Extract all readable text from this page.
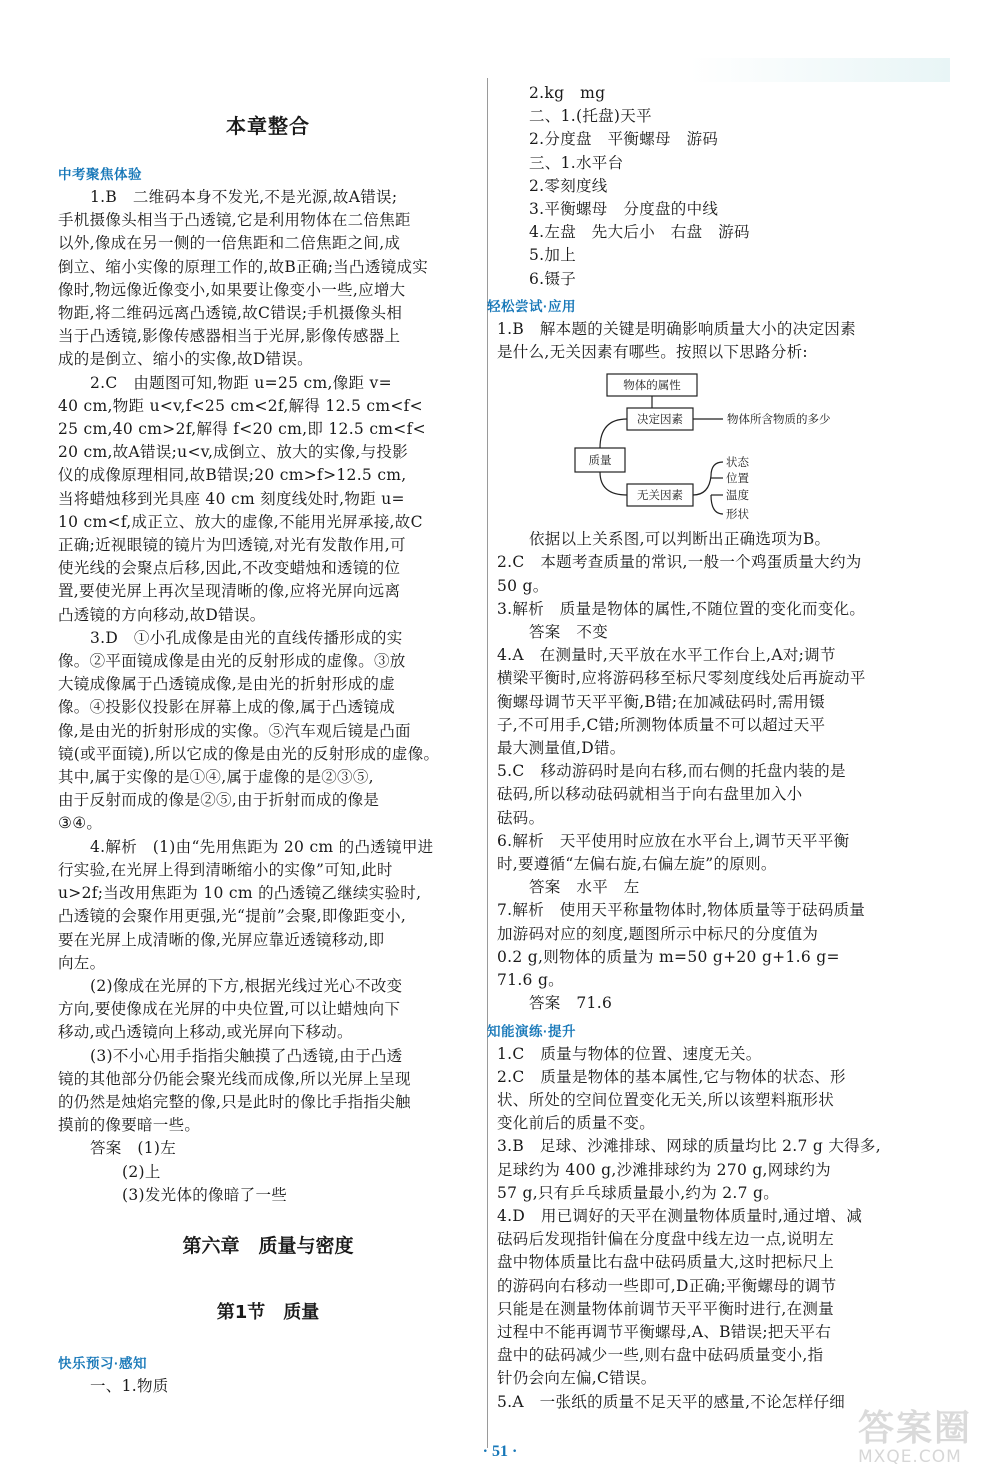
本章整合
中考聚焦体验

1.B　二维码本身不发光,不是光源,故A错误;

手机摄像头相当于凸透镜,它是利用物体在二倍焦距

以外,像成在另一侧的一倍焦距和二倍焦距之间,成

倒立、缩小实像的原理工作的,故B正确;当凸透镜成实

像时,物远像近像变小,如果要让像变小一些,应增大

物距,将二维码远离凸透镜,故C错误;手机摄像头相

当于凸透镜,影像传感器相当于光屏,影像传感器上

成的是倒立、缩小的实像,故D错误。

2.C　由题图可知,物距 u=25 cm,像距 v=

40 cm,物距 u<v,f<25 cm<2f,解得 12.5 cm<f<

25 cm,40 cm>2f,解得 f<20 cm,即 12.5 cm<f<

20 cm,故A错误;u<v,成倒立、放大的实像,与投影

仪的成像原理相同,故B错误;20 cm>f>12.5 cm,

当将蜡烛移到光具座 40 cm 刻度线处时,物距 u=

10 cm<f,成正立、放大的虚像,不能用光屏承接,故C

正确;近视眼镜的镜片为凹透镜,对光有发散作用,可

使光线的会聚点后移,因此,不改变蜡烛和透镜的位

置,要使光屏上再次呈现清晰的像,应将光屏向远离

凸透镜的方向移动,故D错误。

3.D　①小孔成像是由光的直线传播形成的实

像。②平面镜成像是由光的反射形成的虚像。③放

大镜成像属于凸透镜成像,是由光的折射形成的虚

像。④投影仪投影在屏幕上成的像,属于凸透镜成

像,是由光的折射形成的实像。⑤汽车观后镜是凸面

镜(或平面镜),所以它成的像是由光的反射形成的虚像。

其中,属于实像的是①④,属于虚像的是②③⑤,

由于反射而成的像是②⑤,由于折射而成的像是

③④。

4.解析　(1)由“先用焦距为 20 cm 的凸透镜甲进

行实验,在光屏上得到清晰缩小的实像”可知,此时

u>2f;当改用焦距为 10 cm 的凸透镜乙继续实验时,

凸透镜的会聚作用更强,光“提前”会聚,即像距变小,

要在光屏上成清晰的像,光屏应靠近透镜移动,即

向左。

(2)像成在光屏的下方,根据光线过光心不改变

方向,要使像成在光屏的中央位置,可以让蜡烛向下

移动,或凸透镜向上移动,或光屏向下移动。

(3)不小心用手指指尖触摸了凸透镜,由于凸透

镜的其他部分仍能会聚光线而成像,所以光屏上呈现

的仍然是烛焰完整的像,只是此时的像比手指指尖触

摸前的像要暗一些。

答案　(1)左

(2)上

(3)发光体的像暗了一些

第六章　质量与密度
第1节　质量
快乐预习·感知

一、1.物质

2.kg　mg

二、1.(托盘)天平

2.分度盘　平衡螺母　游码

三、1.水平台

2.零刻度线

3.平衡螺母　分度盘的中线

4.左盘　先大后小　右盘　游码

5.加上

6.镊子

轻松尝试·应用

1.B　解本题的关键是明确影响质量大小的决定因素

是什么,无关因素有哪些。按照以下思路分析:

物体的属性
决定因素	物体所含物质的多少
质量
无关因素
状态
位置
温度
形状

依据以上关系图,可以判断出正确选项为B。

2.C　本题考查质量的常识,一般一个鸡蛋质量大约为

50 g。

3.解析　质量是物体的属性,不随位置的变化而变化。

答案　不变

4.A　在测量时,天平放在水平工作台上,A对;调节

横梁平衡时,应将游码移至标尺零刻度线处后再旋动平

衡螺母调节天平平衡,B错;在加减砝码时,需用镊

子,不可用手,C错;所测物体质量不可以超过天平

最大测量值,D错。

5.C　移动游码时是向右移,而右侧的托盘内装的是

砝码,所以移动砝码就相当于向右盘里加入小

砝码。

6.解析　天平使用时应放在水平台上,调节天平平衡

时,要遵循“左偏右旋,右偏左旋”的原则。

答案　水平　左

7.解析　使用天平称量物体时,物体质量等于砝码质量

加游码对应的刻度,题图所示中标尺的分度值为

0.2 g,则物体的质量为 m=50 g+20 g+1.6 g=

71.6 g。

答案　71.6

知能演练·提升

1.C　质量与物体的位置、速度无关。

2.C　质量是物体的基本属性,它与物体的状态、形

状、所处的空间位置变化无关,所以该塑料瓶形状

变化前后的质量不变。

3.B　足球、沙滩排球、网球的质量均比 2.7 g 大得多,

足球约为 400 g,沙滩排球约为 270 g,网球约为

57 g,只有乒乓球质量最小,约为 2.7 g。

4.D　用已调好的天平在测量物体质量时,通过增、减

砝码后发现指针偏在分度盘中线左边一点,说明左

盘中物体质量比右盘中砝码质量大,这时把标尺上

的游码向右移动一些即可,D正确;平衡螺母的调节

只能是在测量物体前调节天平平衡时进行,在测量

过程中不能再调节平衡螺母,A、B错误;把天平右

盘中的砝码减少一些,则右盘中砝码质量变小,指

针仍会向左偏,C错误。

5.A　一张纸的质量不足天平的感量,不论怎样仔细

· 51 ·
答案圈
MXQE.COM
